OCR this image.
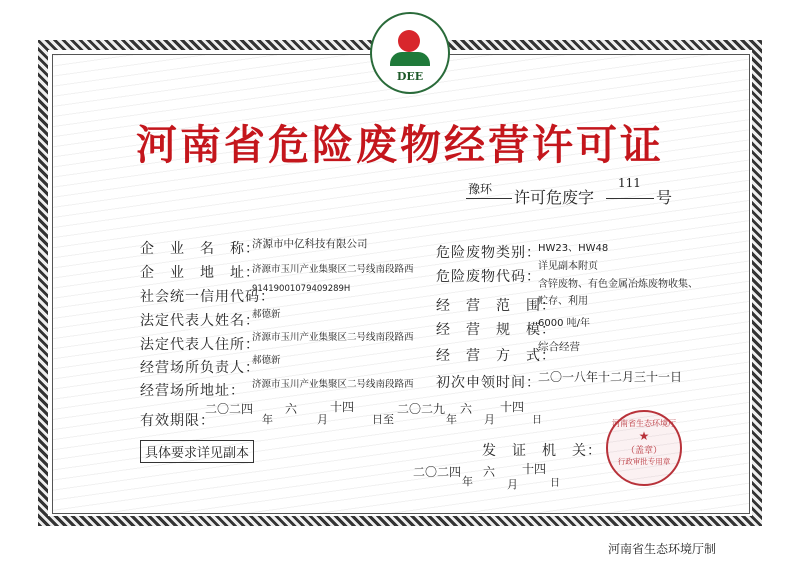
DEE
河南省危险废物经营许可证
豫环 许可危废字
111
号
企　业　名　称：
济源市中亿科技有限公司
企　业　地　址：
济源市玉川产业集聚区二号线南段路西
社会统一信用代码：
91419001079409289H
法定代表人姓名：
郝德新
法定代表人住所：
济源市玉川产业集聚区二号线南段路西
经营场所负责人：
郝德新
经营场所地址： 济源市玉川产业集聚区二号线南段路西
危险废物类别：
HW23、HW48
危险废物代码：
详见副本附页
含锌废物、有色金属冶炼废物收集、
经　营　范　围：
贮存、利用
经　营　规　模：
6000 吨/年
经　营　方　式：
综合经营
初次申领时间：
二〇一八年十二月三十一日
有效期限：
二〇二四
年
六
月
十四
日至
二〇二九
年
六
月
十四
日
具体要求详见副本	发　证　机　关：
二〇二四
年
六
月
十四
日
河南省生态环境厅
★
（盖章）
行政审批专用章
河南省生态环境厅制
